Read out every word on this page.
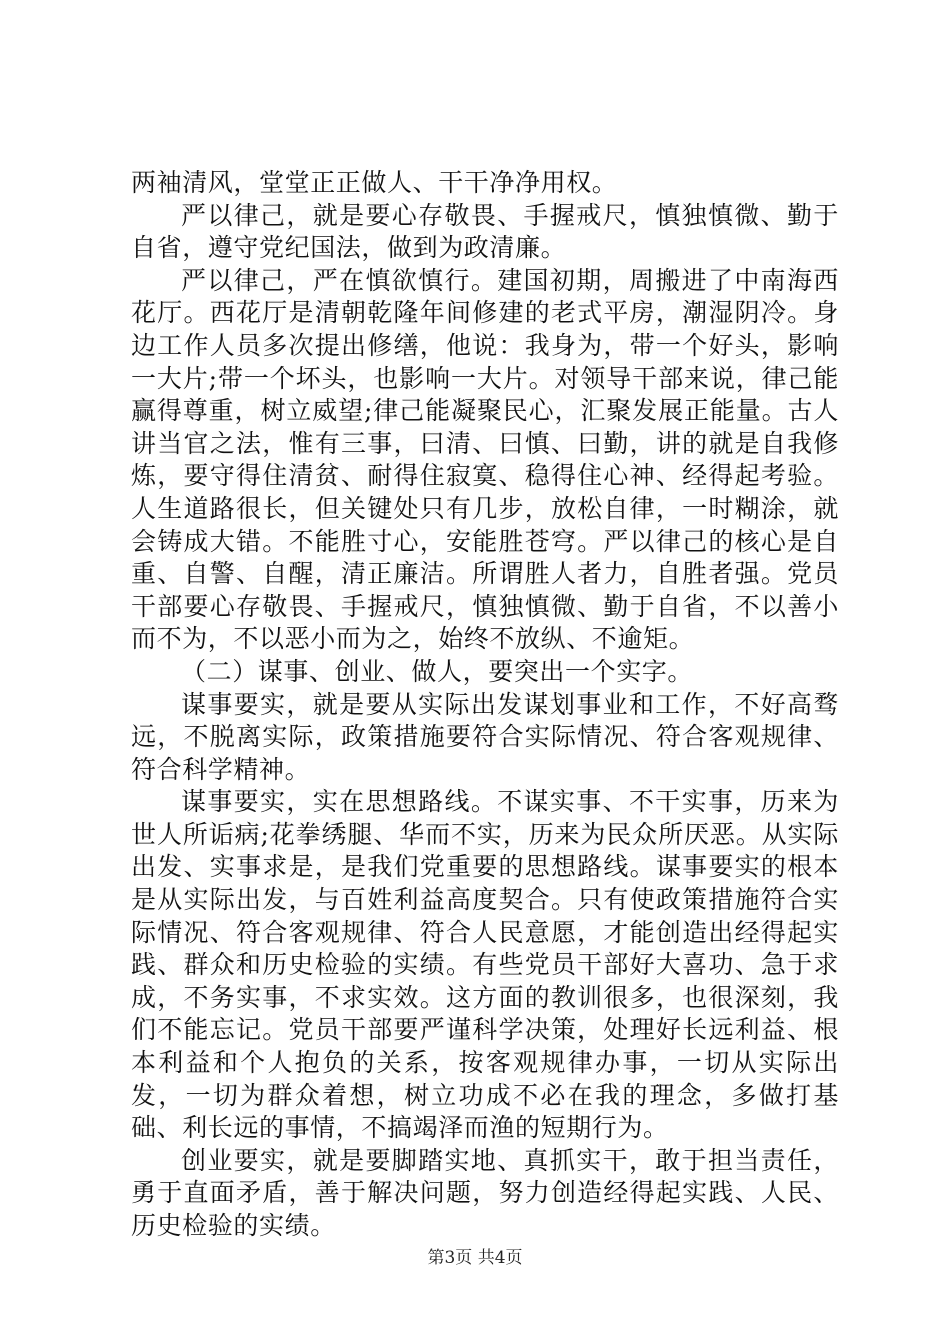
两袖清风，堂堂正正做人、干干净净用权。

严以律己，就是要心存敬畏、手握戒尺，慎独慎微、勤于自省，遵守党纪国法，做到为政清廉。

严以律己，严在慎欲慎行。建国初期，周搬进了中南海西花厅。西花厅是清朝乾隆年间修建的老式平房，潮湿阴冷。身边工作人员多次提出修缮，他说：我身为，带一个好头，影响一大片;带一个坏头，也影响一大片。对领导干部来说，律己能赢得尊重，树立威望;律己能凝聚民心，汇聚发展正能量。古人讲当官之法，惟有三事，曰清、曰慎、曰勤，讲的就是自我修炼，要守得住清贫、耐得住寂寞、稳得住心神、经得起考验。人生道路很长，但关键处只有几步，放松自律，一时糊涂，就会铸成大错。不能胜寸心，安能胜苍穹。严以律己的核心是自重、自警、自醒，清正廉洁。所谓胜人者力，自胜者强。党员干部要心存敬畏、手握戒尺，慎独慎微、勤于自省，不以善小而不为，不以恶小而为之，始终不放纵、不逾矩。

（二）谋事、创业、做人，要突出一个实字。

谋事要实，就是要从实际出发谋划事业和工作，不好高骛远，不脱离实际，政策措施要符合实际情况、符合客观规律、符合科学精神。

谋事要实，实在思想路线。不谋实事、不干实事，历来为世人所诟病;花拳绣腿、华而不实，历来为民众所厌恶。从实际出发、实事求是，是我们党重要的思想路线。谋事要实的根本是从实际出发，与百姓利益高度契合。只有使政策措施符合实际情况、符合客观规律、符合人民意愿，才能创造出经得起实践、群众和历史检验的实绩。有些党员干部好大喜功、急于求成，不务实事，不求实效。这方面的教训很多，也很深刻，我们不能忘记。党员干部要严谨科学决策，处理好长远利益、根本利益和个人抱负的关系，按客观规律办事，一切从实际出发，一切为群众着想，树立功成不必在我的理念，多做打基础、利长远的事情，不搞竭泽而渔的短期行为。

创业要实，就是要脚踏实地、真抓实干，敢于担当责任，勇于直面矛盾，善于解决问题，努力创造经得起实践、人民、历史检验的实绩。

第3页 共4页
